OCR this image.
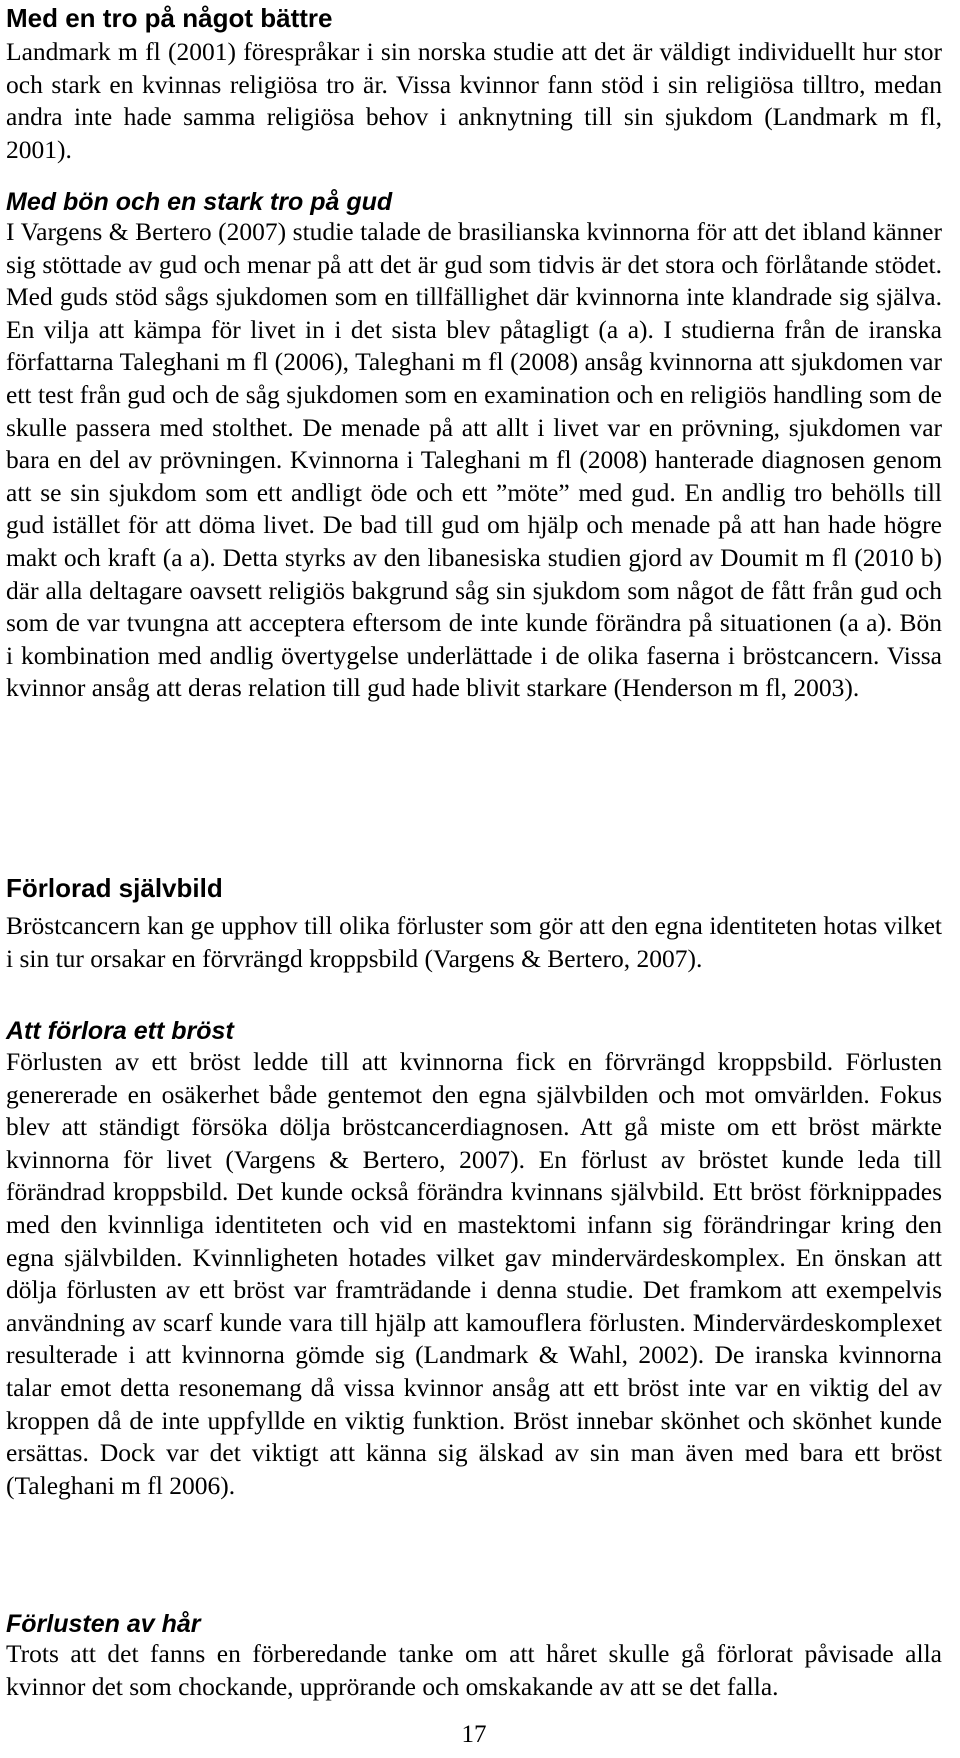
Med en tro på något bättre

Landmark m fl (2001) förespråkar i sin norska studie att det är väldigt individuellt hur stor och stark en kvinnas religiösa tro är. Vissa kvinnor fann stöd i sin religiösa tilltro, medan andra inte hade samma religiösa behov i anknytning till sin sjukdom (Landmark m fl, 2001).

Med bön och en stark tro på gud

I Vargens & Bertero (2007) studie talade de brasilianska kvinnorna för att det ibland känner sig stöttade av gud och menar på att det är gud som tidvis är det stora och förlåtande stödet. Med guds stöd sågs sjukdomen som en tillfällighet där kvinnorna inte klandrade sig själva. En vilja att kämpa för livet in i det sista blev påtagligt (a a). I studierna från de iranska författarna Taleghani m fl (2006), Taleghani m fl (2008) ansåg kvinnorna att sjukdomen var ett test från gud och de såg sjukdomen som en examination och en religiös handling som de skulle passera med stolthet. De menade på att allt i livet var en prövning, sjukdomen var bara en del av prövningen. Kvinnorna i Taleghani m fl (2008) hanterade diagnosen genom att se sin sjukdom som ett andligt öde och ett ”möte” med gud. En andlig tro behölls till gud istället för att döma livet. De bad till gud om hjälp och menade på att han hade högre makt och kraft (a a). Detta styrks av den libanesiska studien gjord av Doumit m fl (2010 b) där alla deltagare oavsett religiös bakgrund såg sin sjukdom som något de fått från gud och som de var tvungna att acceptera eftersom de inte kunde förändra på situationen (a a). Bön i kombination med andlig övertygelse underlättade i de olika faserna i bröstcancern. Vissa kvinnor ansåg att deras relation till gud hade blivit starkare (Henderson m fl, 2003).

Förlorad självbild

Bröstcancern kan ge upphov till olika förluster som gör att den egna identiteten hotas vilket i sin tur orsakar en förvrängd kroppsbild (Vargens & Bertero, 2007).

Att förlora ett bröst

Förlusten av ett bröst ledde till att kvinnorna fick en förvrängd kroppsbild. Förlusten genererade en osäkerhet både gentemot den egna självbilden och mot omvärlden. Fokus blev att ständigt försöka dölja bröstcancerdiagnosen. Att gå miste om ett bröst märkte kvinnorna för livet (Vargens & Bertero, 2007). En förlust av bröstet kunde leda till förändrad kroppsbild. Det kunde också förändra kvinnans självbild. Ett bröst förknippades med den kvinnliga identiteten och vid en mastektomi infann sig förändringar kring den egna självbilden. Kvinnligheten hotades vilket gav mindervärdeskomplex. En önskan att dölja förlusten av ett bröst var framträdande i denna studie. Det framkom att exempelvis användning av scarf kunde vara till hjälp att kamouflera förlusten. Mindervärdeskomplexet resulterade i att kvinnorna gömde sig (Landmark & Wahl, 2002). De iranska kvinnorna talar emot detta resonemang då vissa kvinnor ansåg att ett bröst inte var en viktig del av kroppen då de inte uppfyllde en viktig funktion. Bröst innebar skönhet och skönhet kunde ersättas. Dock var det viktigt att känna sig älskad av sin man även med bara ett bröst (Taleghani m fl 2006).

Förlusten av hår

Trots att det fanns en förberedande tanke om att håret skulle gå förlorat påvisade alla kvinnor det som chockande, upprörande och omskakande av att se det falla.

17
